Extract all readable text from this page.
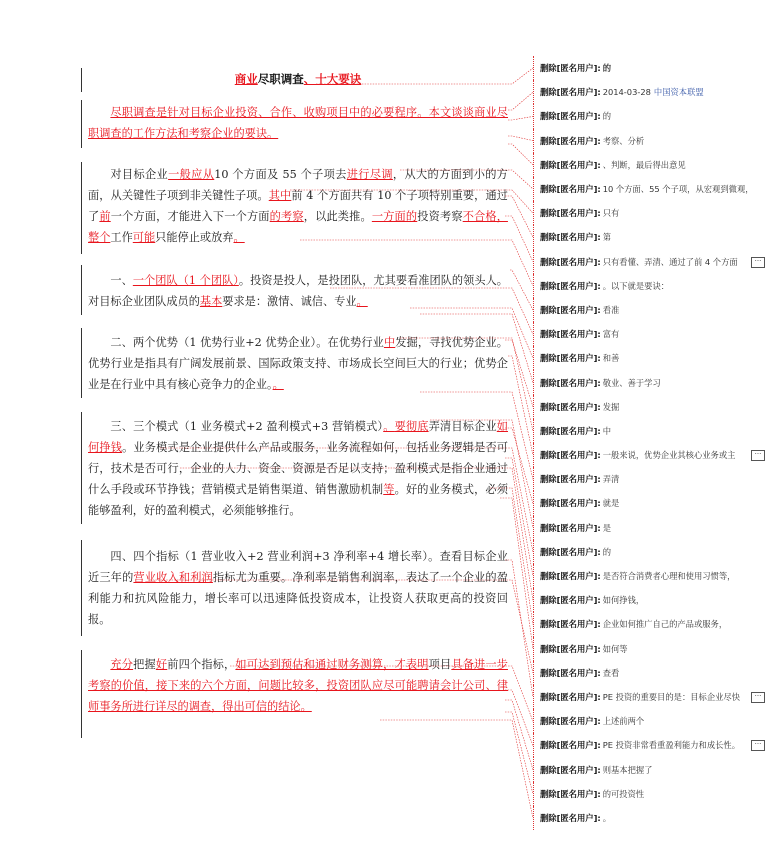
商业尽职调查、十大要诀

尽职调查是针对目标企业投资、合作、收购项目中的必要程序。本文谈谈商业尽职调查的工作方法和考察企业的要诀。

对目标企业一般应从10 个方面及 55 个子项去进行尽调，从大的方面到小的方面，从关键性子项到非关键性子项。其中前 4 个方面共有 10 个子项特别重要，通过了前一个方面，才能进入下一个方面的考察，以此类推。一方面的投资考察不合格，整个工作可能只能停止或放弃。

一、一个团队（1 个团队）。投资是投人，是投团队，尤其要看准团队的领头人。对目标企业团队成员的基本要求是：激情、诚信、专业。

二、两个优势（1 优势行业+2 优势企业）。在优势行业中发掘，寻找优势企业。优势行业是指具有广阔发展前景、国际政策支持、市场成长空间巨大的行业；优势企业是在行业中具有核心竞争力的企业。。

三、三个模式（1 业务模式+2 盈利模式+3 营销模式）。要彻底弄清目标企业如何挣钱。业务模式是企业提供什么产品或服务，业务流程如何，包括业务逻辑是否可行，技术是否可行，企业的人力、资金、资源是否足以支持；盈利模式是指企业通过什么手段或环节挣钱；营销模式是销售渠道、销售激励机制等。好的业务模式，必须能够盈利，好的盈利模式，必须能够推行。

四、四个指标（1 营业收入+2 营业利润+3 净利率+4 增长率）。查看目标企业近三年的营业收入和利润指标尤为重要。净利率是销售利润率，表达了一个企业的盈利能力和抗风险能力，增长率可以迅速降低投资成本，让投资人获取更高的投资回报。

充分把握好前四个指标，如可达到预估和通过财务测算，才表明项目具备进一步考察的价值，接下来的六个方面，问题比较多，投资团队应尽可能聘请会计公司、律师事务所进行详尽的调查，得出可信的结论。

删除[匿名用户]: 的
删除[匿名用户]: 2014-03-28 中国资本联盟
删除[匿名用户]: 的
删除[匿名用户]: 考察、分析
删除[匿名用户]: 、判断，最后得出意见
删除[匿名用户]: 10 个方面、55 个子项，从宏观到微观，
删除[匿名用户]: 只有
删除[匿名用户]: 第
删除[匿名用户]: 只有看懂、弄清、通过了前 4 个方面	···
删除[匿名用户]: 。以下就是要诀：
删除[匿名用户]: 看准
删除[匿名用户]: 富有
删除[匿名用户]: 和善
删除[匿名用户]: 敬业、善于学习
删除[匿名用户]: 发掘
删除[匿名用户]: 中
删除[匿名用户]: 一般来说，优势企业其核心业务或主	···
删除[匿名用户]: 弄清
删除[匿名用户]: 就是
删除[匿名用户]: 是
删除[匿名用户]: 的
删除[匿名用户]: 是否符合消费者心理和使用习惯等，
删除[匿名用户]: 如何挣钱，
删除[匿名用户]: 企业如何推广自己的产品或服务，
删除[匿名用户]: 如何等
删除[匿名用户]: 查看
删除[匿名用户]: PE 投资的重要目的是：目标企业尽快	···
删除[匿名用户]: 上述前两个
删除[匿名用户]: PE 投资非常看重盈利能力和成长性。	···
删除[匿名用户]: 则基本把握了
删除[匿名用户]: 的可投资性
删除[匿名用户]: 。
